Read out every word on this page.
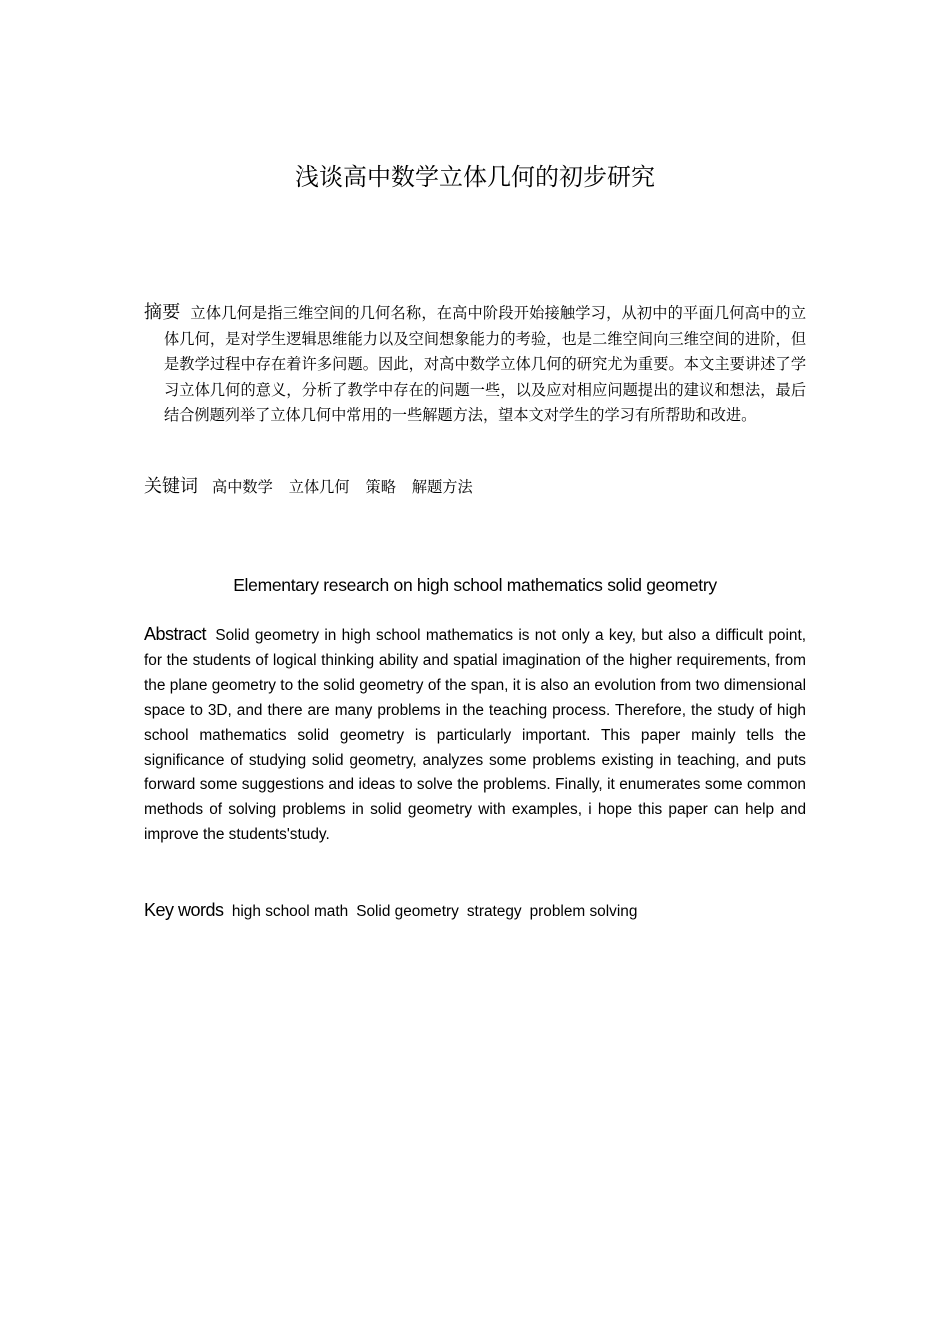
浅谈高中数学立体几何的初步研究

摘要 立体几何是指三维空间的几何名称，在高中阶段开始接触学习，从初中的平面几何高中的立体几何，是对学生逻辑思维能力以及空间想象能力的考验，也是二维空间向三维空间的进阶，但是教学过程中存在着许多问题。因此，对高中数学立体几何的研究尤为重要。本文主要讲述了学习立体几何的意义，分析了教学中存在的问题一些，以及应对相应问题提出的建议和想法，最后结合例题列举了立体几何中常用的一些解题方法，望本文对学生的学习有所帮助和改进。

关键词 高中数学 立体几何 策略 解题方法

Elementary research on high school mathematics solid geometry

Abstract Solid geometry in high school mathematics is not only a key, but also a difficult point, for the students of logical thinking ability and spatial imagination of the higher requirements, from the plane geometry to the solid geometry of the span, it is also an evolution from two dimensional space to 3D, and there are many problems in the teaching process. Therefore, the study of high school mathematics solid geometry is particularly important. This paper mainly tells the significance of studying solid geometry, analyzes some problems existing in teaching, and puts forward some suggestions and ideas to solve the problems. Finally, it enumerates some common methods of solving problems in solid geometry with examples, i hope this paper can help and improve the students'study.

Key words high school math Solid geometry strategy problem solving
